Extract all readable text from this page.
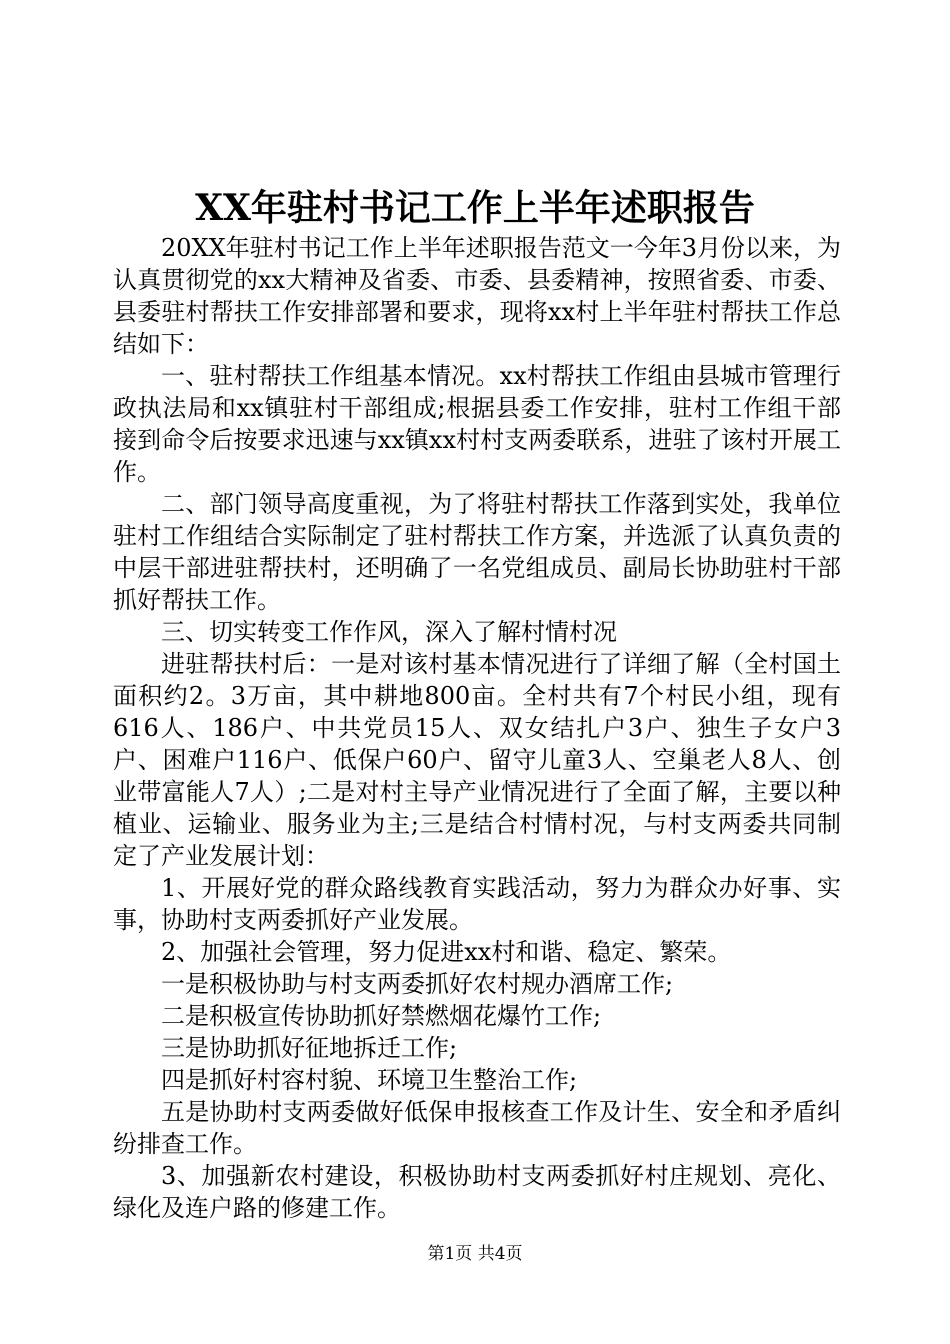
XX年驻村书记工作上半年述职报告

20XX年驻村书记工作上半年述职报告范文一今年3月份以来，为认真贯彻党的xx大精神及省委、市委、县委精神，按照省委、市委、县委驻村帮扶工作安排部署和要求，现将xx村上半年驻村帮扶工作总结如下：

一、驻村帮扶工作组基本情况。xx村帮扶工作组由县城市管理行政执法局和xx镇驻村干部组成;根据县委工作安排，驻村工作组干部接到命令后按要求迅速与xx镇xx村村支两委联系，进驻了该村开展工作。

二、部门领导高度重视，为了将驻村帮扶工作落到实处，我单位驻村工作组结合实际制定了驻村帮扶工作方案，并选派了认真负责的中层干部进驻帮扶村，还明确了一名党组成员、副局长协助驻村干部抓好帮扶工作。

三、切实转变工作作风，深入了解村情村况

进驻帮扶村后：一是对该村基本情况进行了详细了解（全村国土面积约2。3万亩，其中耕地800亩。全村共有7个村民小组，现有616人、186户、中共党员15人、双女结扎户3户、独生子女户3户、困难户116户、低保户60户、留守儿童3人、空巢老人8人、创业带富能人7人）;二是对村主导产业情况进行了全面了解，主要以种植业、运输业、服务业为主;三是结合村情村况，与村支两委共同制定了产业发展计划：

1、开展好党的群众路线教育实践活动，努力为群众办好事、实事，协助村支两委抓好产业发展。

2、加强社会管理，努力促进xx村和谐、稳定、繁荣。

一是积极协助与村支两委抓好农村规办酒席工作;

二是积极宣传协助抓好禁燃烟花爆竹工作;

三是协助抓好征地拆迁工作;

四是抓好村容村貌、环境卫生整治工作;

五是协助村支两委做好低保申报核查工作及计生、安全和矛盾纠纷排查工作。

3、加强新农村建设，积极协助村支两委抓好村庄规划、亮化、绿化及连户路的修建工作。

第1页 共4页
